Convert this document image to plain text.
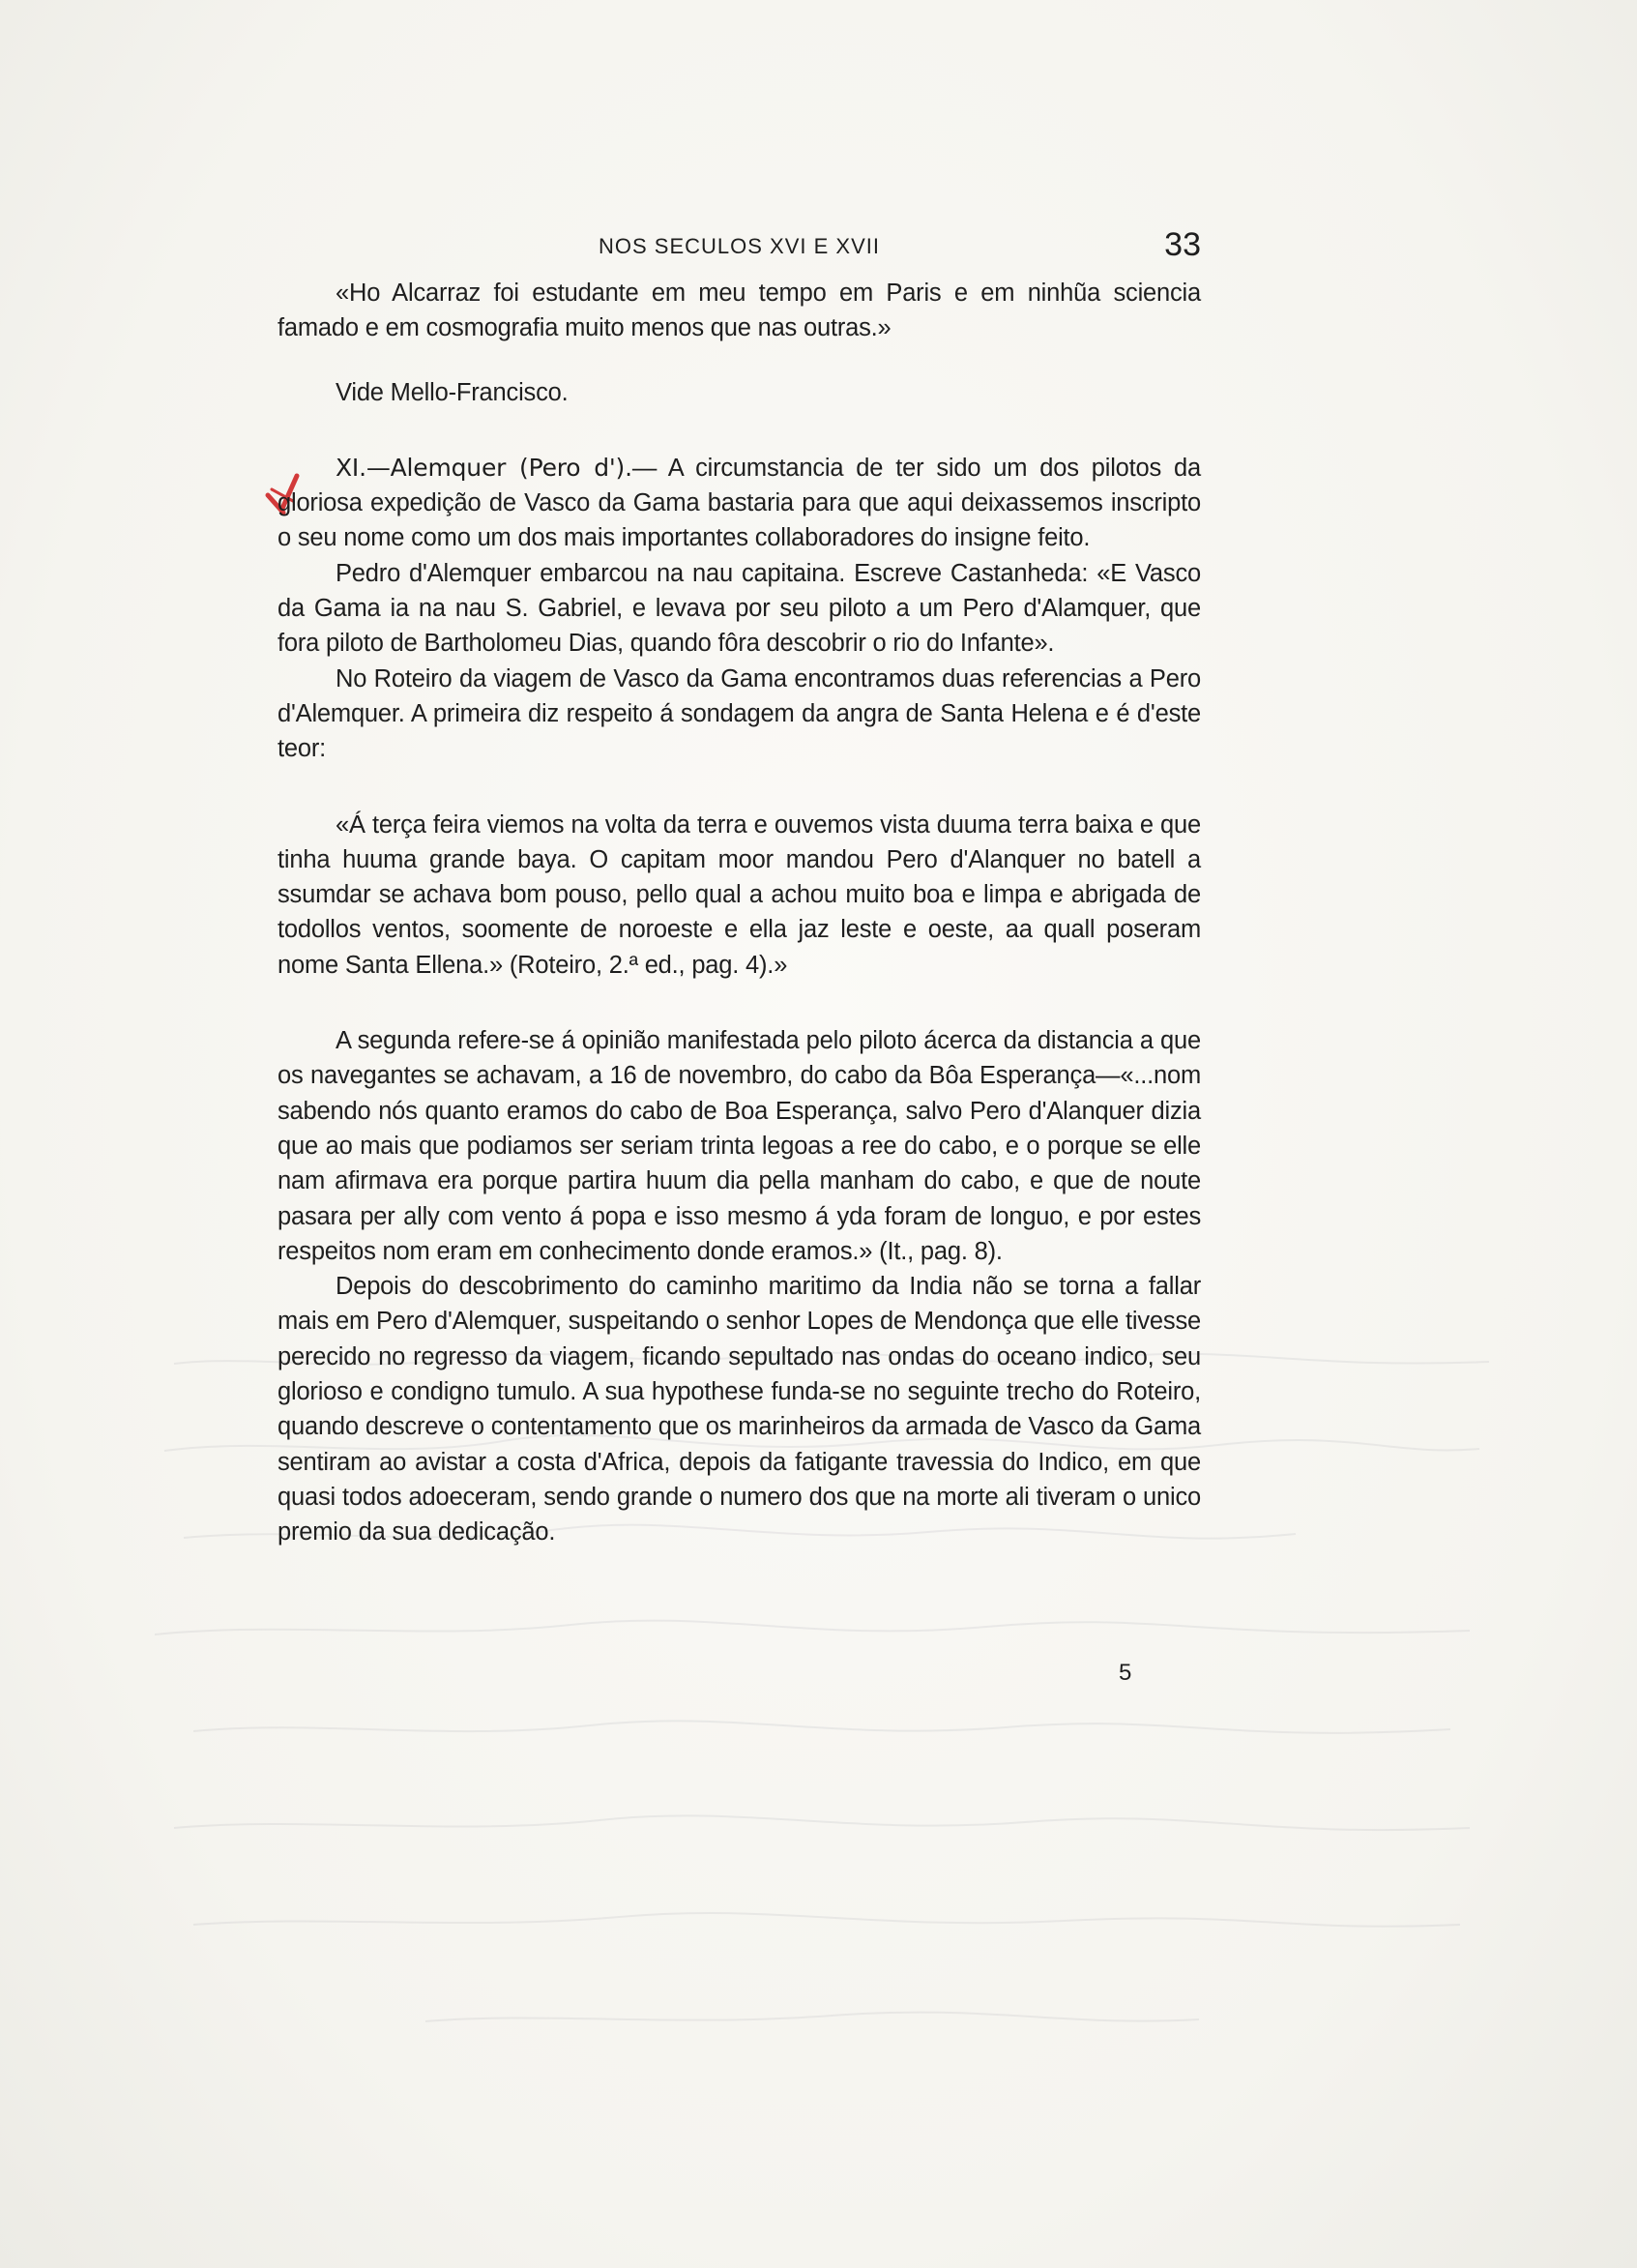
NOS SECULOS XVI E XVII	33

«Ho Alcarraz foi estudante em meu tempo em Paris e em ninhũa sciencia famado e em cosmografia muito menos que nas outras.»

Vide Mello-Francisco.

XI.—Alemquer (Pero d').— A circumstancia de ter sido um dos pilotos da gloriosa expedição de Vasco da Gama bastaria para que aqui deixassemos inscripto o seu nome como um dos mais importantes collaboradores do insigne feito.

Pedro d'Alemquer embarcou na nau capitaina. Escreve Castanheda: «E Vasco da Gama ia na nau S. Gabriel, e levava por seu piloto a um Pero d'Alamquer, que fora piloto de Bartholomeu Dias, quando fôra descobrir o rio do Infante».

No Roteiro da viagem de Vasco da Gama encontramos duas referencias a Pero d'Alemquer. A primeira diz respeito á sondagem da angra de Santa Helena e é d'este teor:

«Á terça feira viemos na volta da terra e ouvemos vista duuma terra baixa e que tinha huuma grande baya. O capitam moor mandou Pero d'Alanquer no batell a ssumdar se achava bom pouso, pello qual a achou muito boa e limpa e abrigada de todollos ventos, soomente de noroeste e ella jaz leste e oeste, aa quall poseram nome Santa Ellena.» (Roteiro, 2.ª ed., pag. 4).»

A segunda refere-se á opinião manifestada pelo piloto ácerca da distancia a que os navegantes se achavam, a 16 de novembro, do cabo da Bôa Esperança—«...nom sabendo nós quanto eramos do cabo de Boa Esperança, salvo Pero d'Alanquer dizia que ao mais que podiamos ser seriam trinta legoas a ree do cabo, e o porque se elle nam afirmava era porque partira huum dia pella manham do cabo, e que de noute pasara per ally com vento á popa e isso mesmo á yda foram de longuo, e por estes respeitos nom eram em conhecimento donde eramos.» (It., pag. 8).

Depois do descobrimento do caminho maritimo da India não se torna a fallar mais em Pero d'Alemquer, suspeitando o senhor Lopes de Mendonça que elle tivesse perecido no regresso da viagem, ficando sepultado nas ondas do oceano indico, seu glorioso e condigno tumulo. A sua hypothese funda-se no seguinte trecho do Roteiro, quando descreve o contentamento que os marinheiros da armada de Vasco da Gama sentiram ao avistar a costa d'Africa, depois da fatigante travessia do Indico, em que quasi todos adoeceram, sendo grande o numero dos que na morte ali tiveram o unico premio da sua dedicação.

5
